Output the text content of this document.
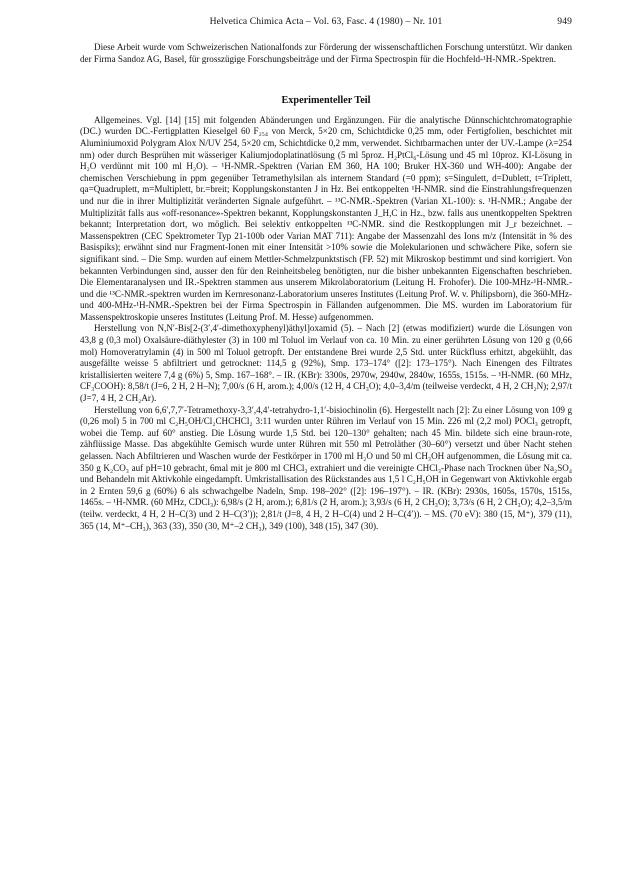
Helvetica Chimica Acta – Vol. 63, Fasc. 4 (1980) – Nr. 101	949

Diese Arbeit wurde vom Schweizerischen Nationalfonds zur Förderung der wissenschaftlichen Forschung unterstützt. Wir danken der Firma Sandoz AG, Basel, für grosszügige Forschungsbeiträge und der Firma Spectrospin für die Hochfeld-¹H-NMR.-Spektren.

Experimenteller Teil

Allgemeines. Vgl. [14] [15] mit folgenden Abänderungen und Ergänzungen. Für die analytische Dünnschichtchromatographie (DC.) wurden DC.-Fertigplatten Kieselgel 60 F₂₅₄ von Merck, 5×20 cm, Schichtdicke 0,25 mm, oder Fertigfolien, beschichtet mit Aluminiumoxid Polygram Alox N/UV 254, 5×20 cm, Schichtdicke 0,2 mm, verwendet. Sichtbarmachen unter der UV.-Lampe (λ=254 nm) oder durch Besprühen mit wässeriger Kaliumjodoplatinatlösung (5 ml 5proz. H₂PtCl₆-Lösung und 45 ml 10proz. KI-Lösung in H₂O verdünnt mit 100 ml H₂O). – ¹H-NMR.-Spektren (Varian EM 360, HA 100; Bruker HX-360 und WH-400): Angabe der chemischen Verschiebung in ppm gegenüber Tetramethylsilan als internem Standard (=0 ppm); s=Singulett, d=Dublett, t=Triplett, qa=Quadruplett, m=Multiplett, br.=breit; Kopplungskonstanten J in Hz. Bei entkoppelten ¹H-NMR. sind die Einstrahlungsfrequenzen und nur die in ihrer Multiplizität veränderten Signale aufgeführt. – ¹³C-NMR.-Spektren (Varian XL-100): s. ¹H-NMR.; Angabe der Multiplizität falls aus «off-resonance»-Spektren bekannt, Kopplungskonstanten J_H,C in Hz., bzw. falls aus unentkoppelten Spektren bekannt; Interpretation dort, wo möglich. Bei selektiv entkoppelten ¹³C-NMR. sind die Restkopplungen mit J_r bezeichnet. – Massenspektren (CEC Spektrometer Typ 21-100b oder Varian MAT 711): Angabe der Massenzahl des Ions m/z (Intensität in % des Basispiks); erwähnt sind nur Fragment-Ionen mit einer Intensität >10% sowie die Molekularionen und schwächere Pike, sofern sie signifikant sind. – Die Smp. wurden auf einem Mettler-Schmelzpunktstisch (FP. 52) mit Mikroskop bestimmt und sind korrigiert. Von bekannten Verbindungen sind, ausser den für den Reinheitsbeleg benötigten, nur die bisher unbekannten Eigenschaften beschrieben. Die Elementaranalysen und IR.-Spektren stammen aus unserem Mikrolaboratorium (Leitung H. Frohofer). Die 100-MHz-¹H-NMR.- und die ¹³C-NMR.-spektren wurden im Kernresonanz-Laboratorium unseres Institutes (Leitung Prof. W. v. Philipsborn), die 360-MHz- und 400-MHz-¹H-NMR.-Spektren bei der Firma Spectrospin in Fällanden aufgenommen. Die MS. wurden im Laboratorium für Massenspektroskopie unseres Institutes (Leitung Prof. M. Hesse) aufgenommen.

Herstellung von N,N′-Bis[2-(3′,4′-dimethoxyphenyl)äthyl]oxamid (5). – Nach [2] (etwas modifiziert) wurde die Lösungen von 43,8 g (0,3 mol) Oxalsäure-diäthylester (3) in 100 ml Toluol im Verlauf von ca. 10 Min. zu einer gerührten Lösung von 120 g (0,66 mol) Homoveratrylamin (4) in 500 ml Toluol getropft. Der entstandene Brei wurde 2,5 Std. unter Rückfluss erhitzt, abgekühlt, das ausgefällte weisse 5 abfiltriert und getrocknet: 114,5 g (92%), Smp. 173–174° ([2]: 173–175°). Nach Einengen des Filtrates kristallisierten weitere 7,4 g (6%) 5, Smp. 167–168°. – IR. (KBr): 3300s, 2970w, 2940w, 2840w, 1655s, 1515s. – ¹H-NMR. (60 MHz, CF₃COOH): 8,58/t (J=6, 2 H, 2 H–N); 7,00/s (6 H, arom.); 4,00/s (12 H, 4 CH₃O); 4,0–3,4/m (teilweise verdeckt, 4 H, 2 CH₂N); 2,97/t (J=7, 4 H, 2 CH₂Ar).

Herstellung von 6,6′,7,7′-Tetramethoxy-3,3′,4,4′-tetrahydro-1,1′-bisiochinolin (6). Hergestellt nach [2]: Zu einer Lösung von 109 g (0,26 mol) 5 in 700 ml C₂H₅OH/Cl₂CHCHCl₂ 3:11 wurden unter Rühren im Verlauf von 15 Min. 226 ml (2,2 mol) POCl₃ getropft, wobei die Temp. auf 60° anstieg. Die Lösung wurde 1,5 Std. bei 120–130° gehalten; nach 45 Min. bildete sich eine braun-rote, zähflüssige Masse. Das abgekühlte Gemisch wurde unter Rühren mit 550 ml Petroläther (30–60°) versetzt und über Nacht stehen gelassen. Nach Abfiltrieren und Waschen wurde der Festkörper in 1700 ml H₂O und 50 ml CH₃OH aufgenommen, die Lösung mit ca. 350 g K₂CO₃ auf pH=10 gebracht, 6mal mit je 800 ml CHCl₃ extrahiert und die vereinigte CHCl₃-Phase nach Trocknen über Na₂SO₄ und Behandeln mit Aktivkohle eingedampft. Umkristallisation des Rückstandes aus 1,5 l C₂H₅OH in Gegenwart von Aktivkohle ergab in 2 Ernten 59,6 g (60%) 6 als schwachgelbe Nadeln, Smp. 198–202° ([2]: 196–197°). – IR. (KBr): 2930s, 1605s, 1570s, 1515s, 1465s. – ¹H-NMR. (60 MHz, CDCl₃): 6,98/s (2 H, arom.); 6,81/s (2 H, arom.); 3,93/s (6 H, 2 CH₃O); 3,73/s (6 H, 2 CH₃O); 4,2–3,5/m (teilw. verdeckt, 4 H, 2 H–C(3) und 2 H–C(3′)); 2,81/t (J=8, 4 H, 2 H–C(4) und 2 H–C(4′)). – MS. (70 eV): 380 (15, M⁺), 379 (11), 365 (14, M⁺–CH₃), 363 (33), 350 (30, M⁺–2 CH₃), 349 (100), 348 (15), 347 (30).
